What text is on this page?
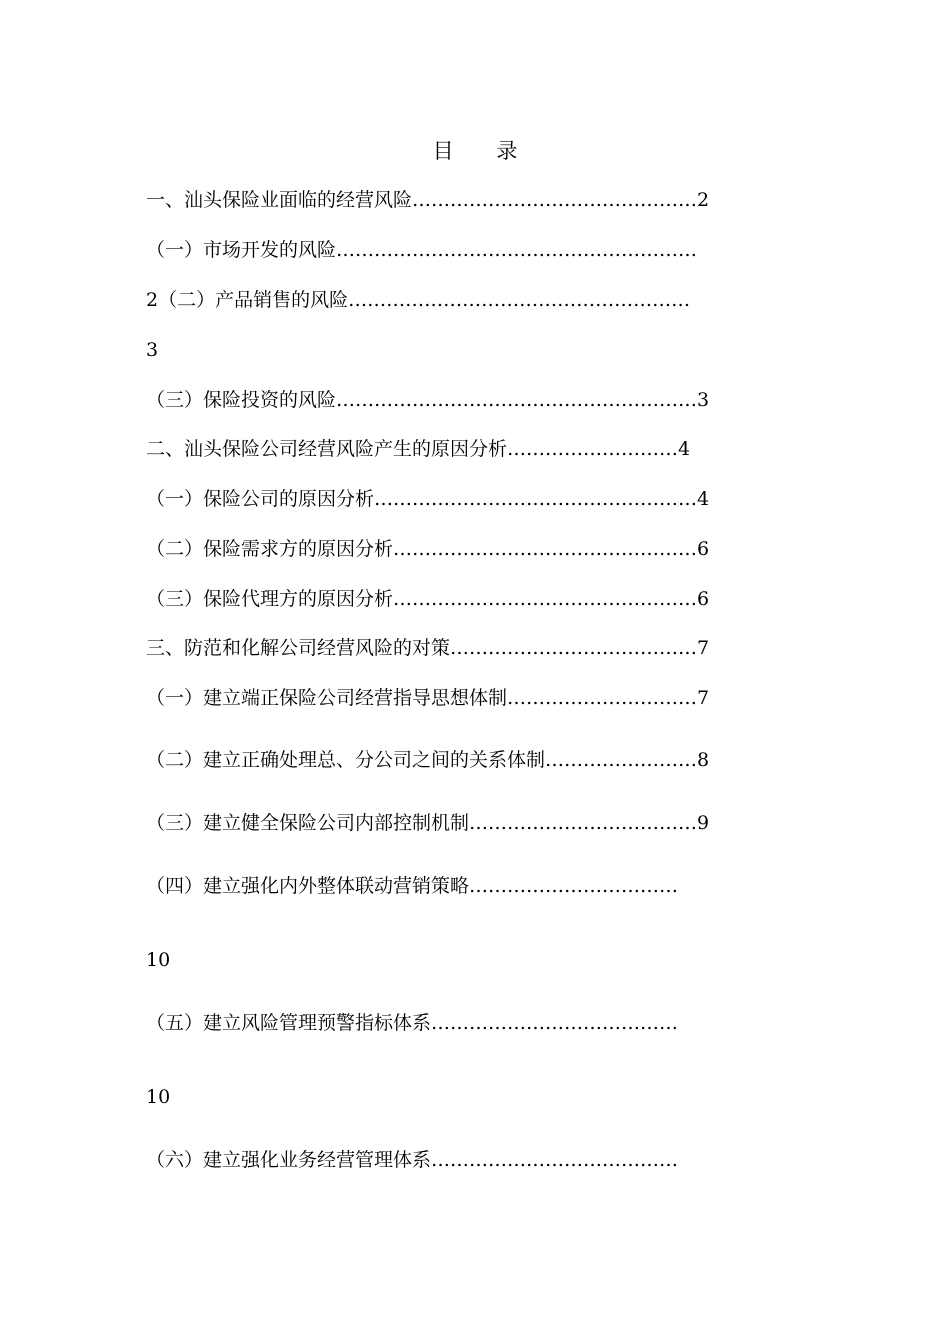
目 录
一、汕头保险业面临的经营风险………………………………………2
（一）市场开发的风险…………………………………………………
2（二）产品销售的风险………………………………………………
3
（三）保险投资的风险…………………………………………………3
二、汕头保险公司经营风险产生的原因分析………………………4
（一）保险公司的原因分析……………………………………………4
（二）保险需求方的原因分析…………………………………………6
（三）保险代理方的原因分析…………………………………………6
三、防范和化解公司经营风险的对策…………………………………7
（一）建立端正保险公司经营指导思想体制…………………………7
（二）建立正确处理总、分公司之间的关系体制……………………8
（三）建立健全保险公司内部控制机制………………………………9
（四）建立强化内外整体联动营销策略……………………………
10
（五）建立风险管理预警指标体系…………………………………
10
（六）建立强化业务经营管理体系…………………………………
